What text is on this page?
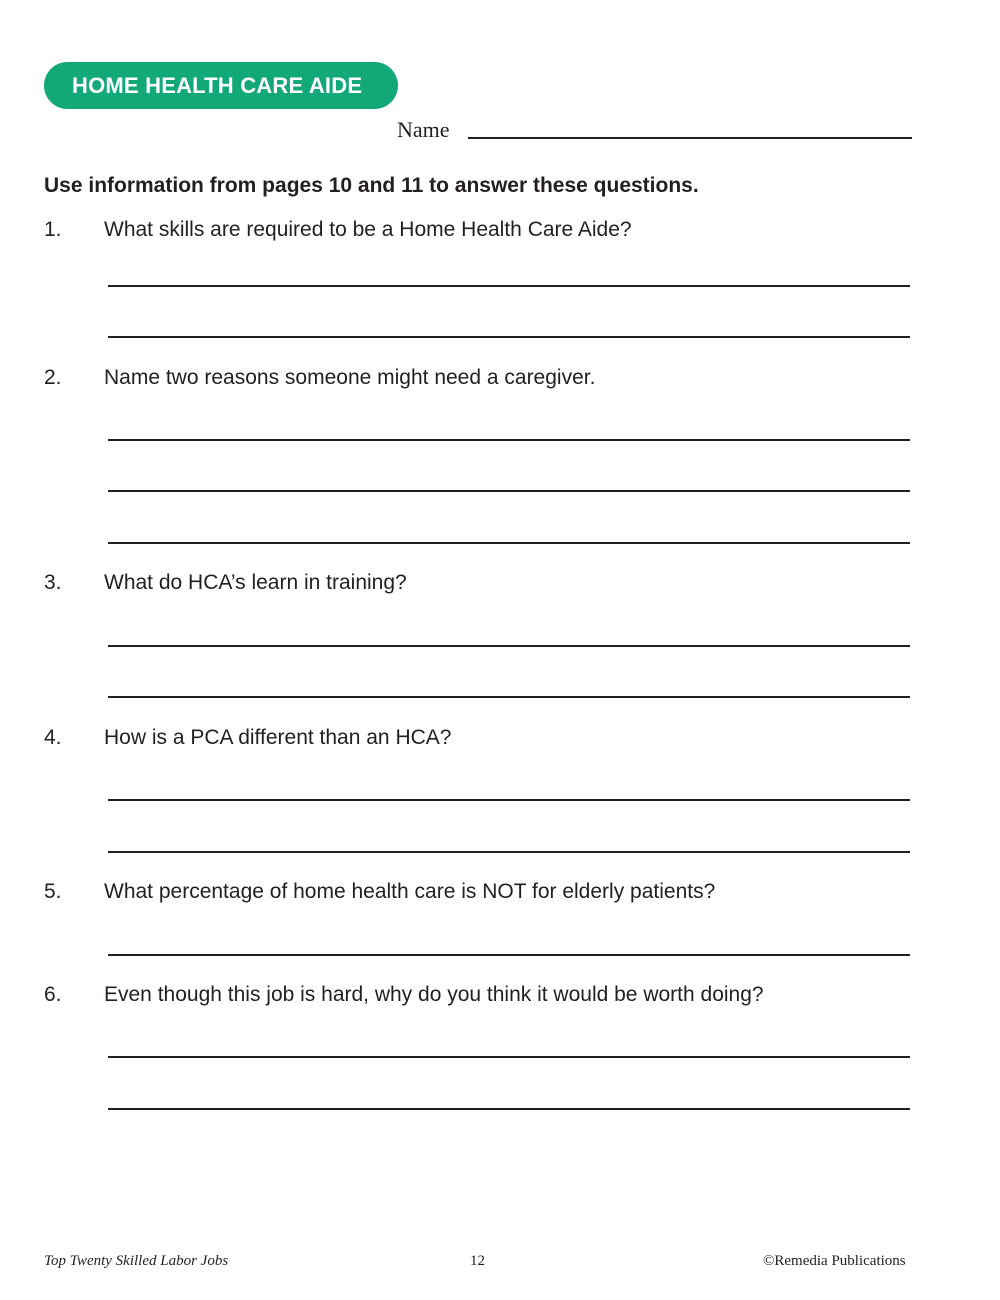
HOME HEALTH CARE AIDE
Name
Use information from pages 10 and 11 to answer these questions.
1. What skills are required to be a Home Health Care Aide?
2. Name two reasons someone might need a caregiver.
3. What do HCA’s learn in training?
4. How is a PCA different than an HCA?
5. What percentage of home health care is NOT for elderly patients?
6. Even though this job is hard, why do you think it would be worth doing?
Top Twenty Skilled Labor Jobs	12	©Remedia Publications
